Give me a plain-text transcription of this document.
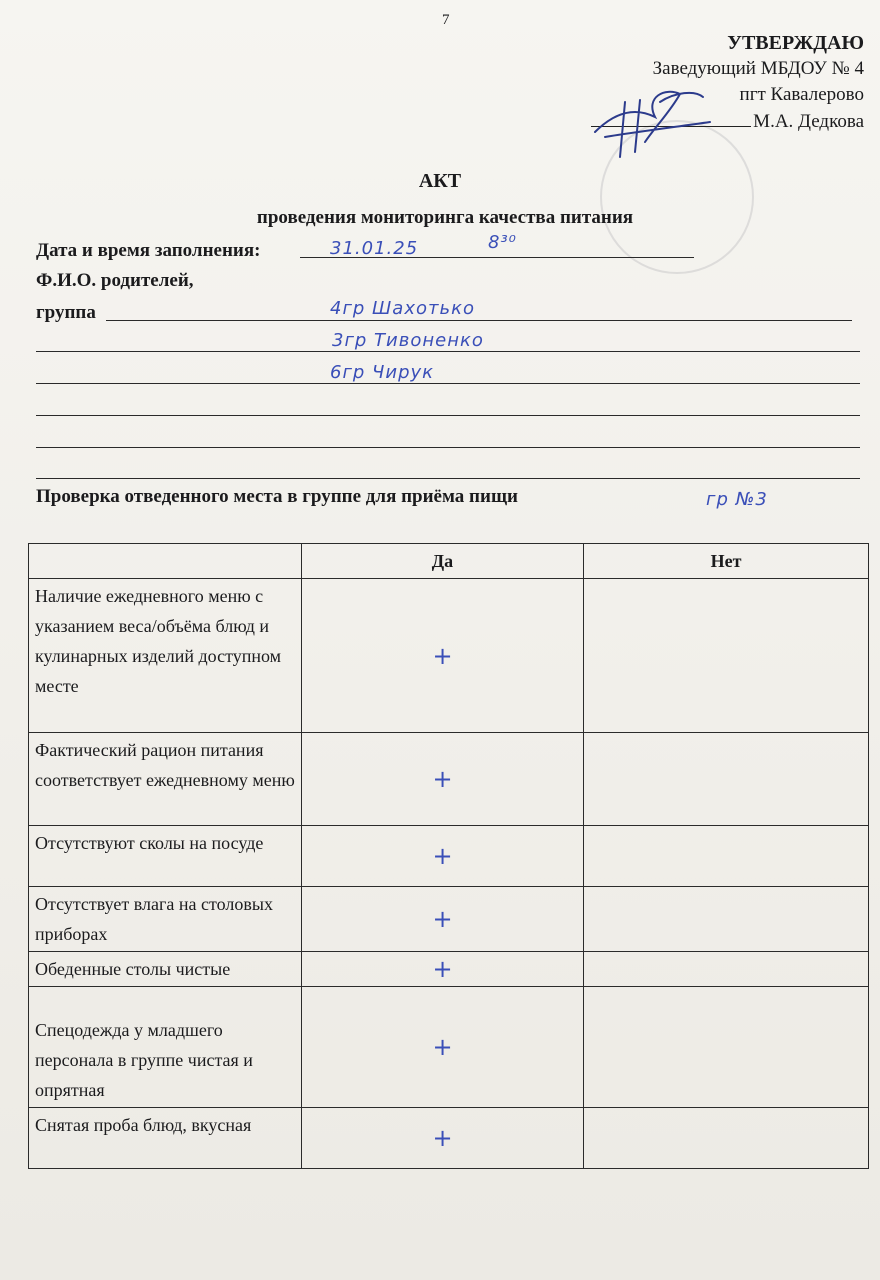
7
УТВЕРЖДАЮ
Заведующий МБДОУ № 4
пгт Кавалерово
М.А. Дедкова
АКТ
проведения мониторинга качества питания
Дата и время заполнения:	31.01.25	8³⁰
Ф.И.О. родителей,
группа	4гр Шахотько
3гр Тивоненко
6гр Чирук
Проверка отведенного места в группе для приёма пищи	гр №3
	Да	Нет
Наличие ежедневного меню с указанием веса/объёма блюд и кулинарных изделий доступном месте	+	

Фактический рацион питания соответствует ежедневному меню	+	

Отсутствуют сколы на посуде	+	

Отсутствует влага на столовых приборах	+	

Обеденные столы чистые	+	

Спецодежда у младшего персонала в группе чистая и опрятная	+	

Снятая проба блюд, вкусная	+	
